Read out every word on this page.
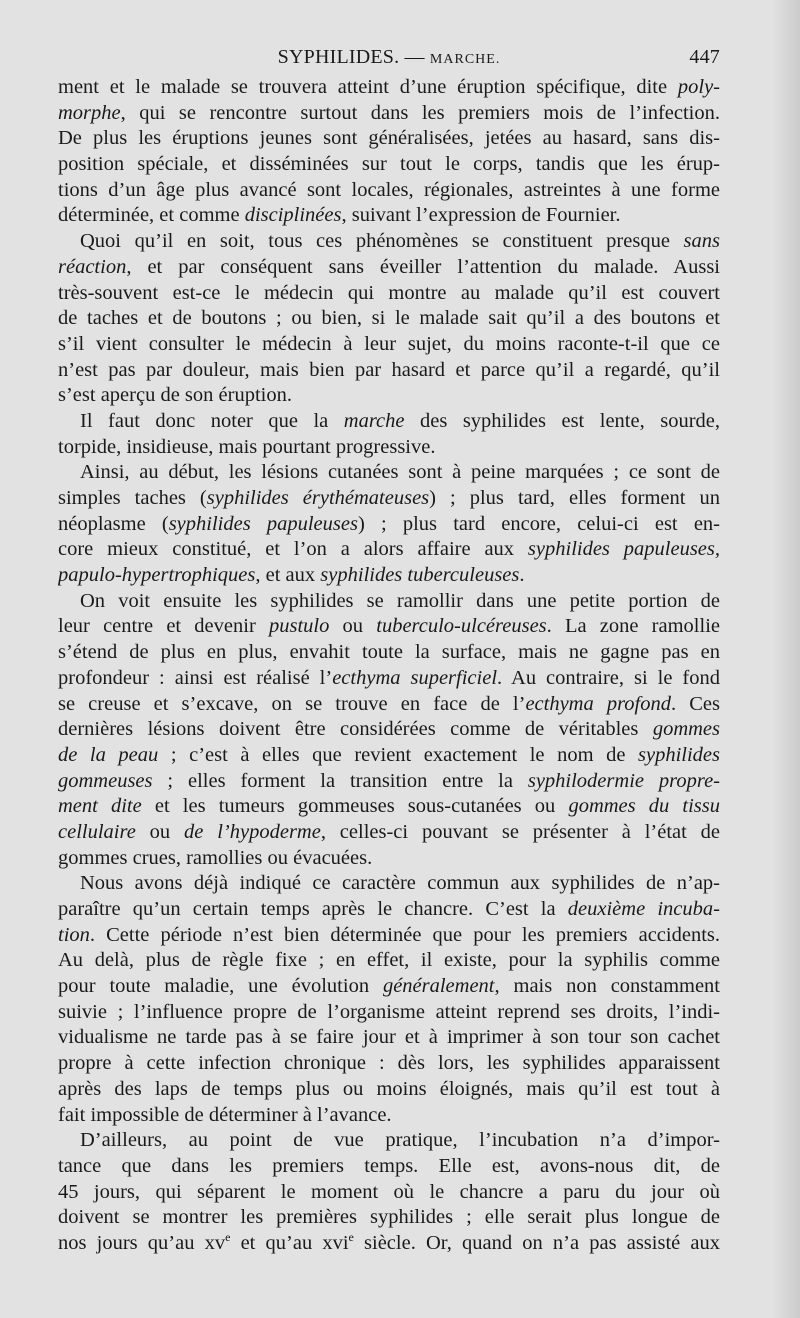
SYPHILIDES. — MARCHE.	447
ment et le malade se trouvera atteint d’une éruption spécifique, dite poly-
morphe, qui se rencontre surtout dans les premiers mois de l’infection.
De plus les éruptions jeunes sont généralisées, jetées au hasard, sans dis-
position spéciale, et disséminées sur tout le corps, tandis que les érup-
tions d’un âge plus avancé sont locales, régionales, astreintes à une forme
déterminée, et comme disciplinées, suivant l’expression de Fournier.
Quoi qu’il en soit, tous ces phénomènes se constituent presque sans
réaction, et par conséquent sans éveiller l’attention du malade. Aussi
très-souvent est-ce le médecin qui montre au malade qu’il est couvert
de taches et de boutons ; ou bien, si le malade sait qu’il a des boutons et
s’il vient consulter le médecin à leur sujet, du moins raconte-t-il que ce
n’est pas par douleur, mais bien par hasard et parce qu’il a regardé, qu’il
s’est aperçu de son éruption.
Il faut donc noter que la marche des syphilides est lente, sourde,
torpide, insidieuse, mais pourtant progressive.
Ainsi, au début, les lésions cutanées sont à peine marquées ; ce sont de
simples taches (syphilides érythémateuses) ; plus tard, elles forment un
néoplasme (syphilides papuleuses) ; plus tard encore, celui-ci est en-
core mieux constitué, et l’on a alors affaire aux syphilides papuleuses,
papulo-hypertrophiques, et aux syphilides tuberculeuses.
On voit ensuite les syphilides se ramollir dans une petite portion de
leur centre et devenir pustulo ou tuberculo-ulcéreuses. La zone ramollie
s’étend de plus en plus, envahit toute la surface, mais ne gagne pas en
profondeur : ainsi est réalisé l’ecthyma superficiel. Au contraire, si le fond
se creuse et s’excave, on se trouve en face de l’ecthyma profond. Ces
dernières lésions doivent être considérées comme de véritables gommes
de la peau ; c’est à elles que revient exactement le nom de syphilides
gommeuses ; elles forment la transition entre la syphilodermie propre-
ment dite et les tumeurs gommeuses sous-cutanées ou gommes du tissu
cellulaire ou de l’hypoderme, celles-ci pouvant se présenter à l’état de
gommes crues, ramollies ou évacuées.
Nous avons déjà indiqué ce caractère commun aux syphilides de n’ap-
paraître qu’un certain temps après le chancre. C’est la deuxième incuba-
tion. Cette période n’est bien déterminée que pour les premiers accidents.
Au delà, plus de règle fixe ; en effet, il existe, pour la syphilis comme
pour toute maladie, une évolution généralement, mais non constamment
suivie ; l’influence propre de l’organisme atteint reprend ses droits, l’indi-
vidualisme ne tarde pas à se faire jour et à imprimer à son tour son cachet
propre à cette infection chronique : dès lors, les syphilides apparaissent
après des laps de temps plus ou moins éloignés, mais qu’il est tout à
fait impossible de déterminer à l’avance.
D’ailleurs, au point de vue pratique, l’incubation n’a d’impor-
tance que dans les premiers temps. Elle est, avons-nous dit, de
45 jours, qui séparent le moment où le chancre a paru du jour où
doivent se montrer les premières syphilides ; elle serait plus longue de
nos jours qu’au $xv^e$ et qu’au xvi$^e$ siècle. Or, quand on n’a pas assisté aux
